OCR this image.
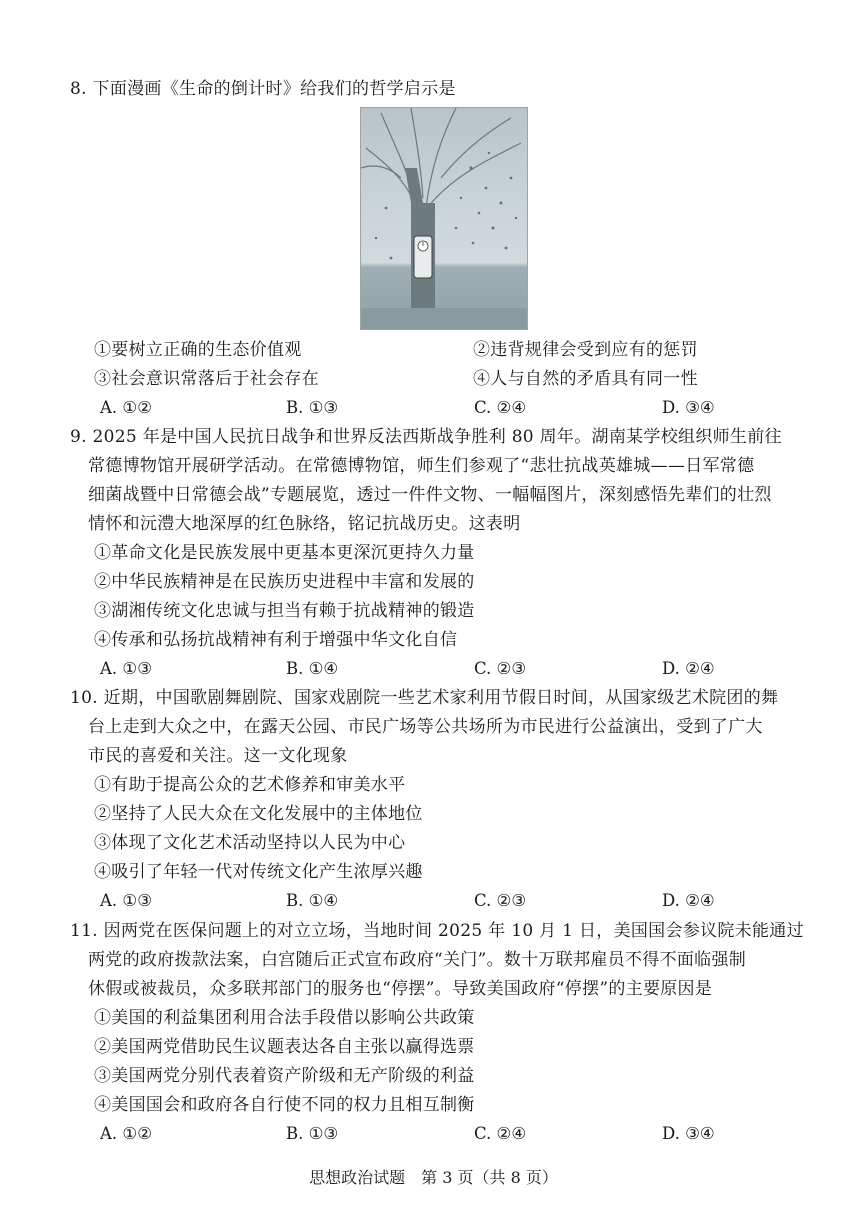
8. 下面漫画《生命的倒计时》给我们的哲学启示是
①要树立正确的生态价值观	②违背规律会受到应有的惩罚
③社会意识常落后于社会存在	④人与自然的矛盾具有同一性
A. ①②	B. ①③	C. ②④	D. ③④
9. 2025 年是中国人民抗日战争和世界反法西斯战争胜利 80 周年。湖南某学校组织师生前往
常德博物馆开展研学活动。在常德博物馆，师生们参观了“悲壮抗战英雄城——日军常德
细菌战暨中日常德会战”专题展览，透过一件件文物、一幅幅图片，深刻感悟先辈们的壮烈
情怀和沅澧大地深厚的红色脉络，铭记抗战历史。这表明
①革命文化是民族发展中更基本更深沉更持久力量
②中华民族精神是在民族历史进程中丰富和发展的
③湖湘传统文化忠诚与担当有赖于抗战精神的锻造
④传承和弘扬抗战精神有利于增强中华文化自信
A. ①③	B. ①④	C. ②③	D. ②④
10. 近期，中国歌剧舞剧院、国家戏剧院一些艺术家利用节假日时间，从国家级艺术院团的舞
台上走到大众之中，在露天公园、市民广场等公共场所为市民进行公益演出，受到了广大
市民的喜爱和关注。这一文化现象
①有助于提高公众的艺术修养和审美水平
②坚持了人民大众在文化发展中的主体地位
③体现了文化艺术活动坚持以人民为中心
④吸引了年轻一代对传统文化产生浓厚兴趣
A. ①③	B. ①④	C. ②③	D. ②④
11. 因两党在医保问题上的对立立场，当地时间 2025 年 10 月 1 日，美国国会参议院未能通过
两党的政府拨款法案，白宫随后正式宣布政府“关门”。数十万联邦雇员不得不面临强制
休假或被裁员，众多联邦部门的服务也“停摆”。导致美国政府“停摆”的主要原因是
①美国的利益集团利用合法手段借以影响公共政策
②美国两党借助民生议题表达各自主张以赢得选票
③美国两党分别代表着资产阶级和无产阶级的利益
④美国国会和政府各自行使不同的权力且相互制衡
A. ①②	B. ①③	C. ②④	D. ③④
思想政治试题　第 3 页（共 8 页）
